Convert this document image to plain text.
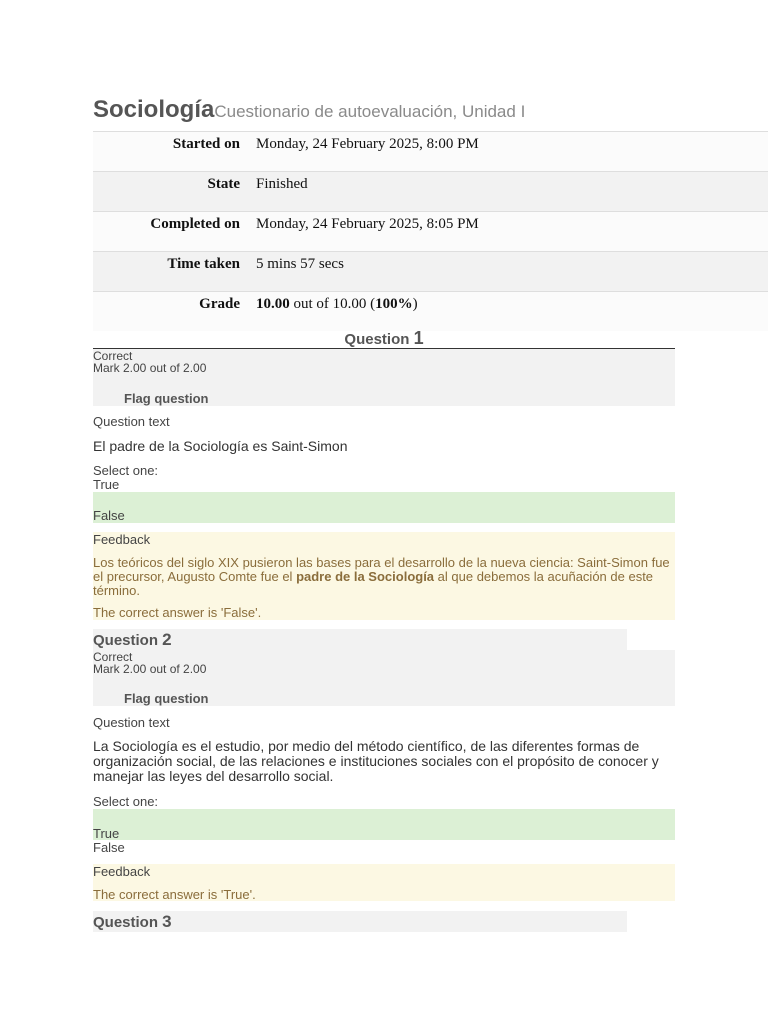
SociologíaCuestionario de autoevaluación, Unidad I
Started on	Monday, 24 February 2025, 8:00 PM
State	Finished
Completed on	Monday, 24 February 2025, 8:05 PM
Time taken	5 mins 57 secs
Grade	10.00 out of 10.00 (100%)
Question 1
Correct
Mark 2.00 out of 2.00
Flag question
Question text
El padre de la Sociología es Saint-Simon
Select one:
True
False
Feedback
Los teóricos del siglo XIX pusieron las bases para el desarrollo de la nueva ciencia: Saint-Simon fue el precursor, Augusto Comte fue el padre de la Sociología al que debemos la acuñación de este término.
The correct answer is 'False'.
Question 2
Correct
Mark 2.00 out of 2.00
Flag question
Question text
La Sociología es el estudio, por medio del método científico, de las diferentes formas de organización social, de las relaciones e instituciones sociales con el propósito de conocer y manejar las leyes del desarrollo social.
Select one:
True
False
Feedback
The correct answer is 'True'.
Question 3
